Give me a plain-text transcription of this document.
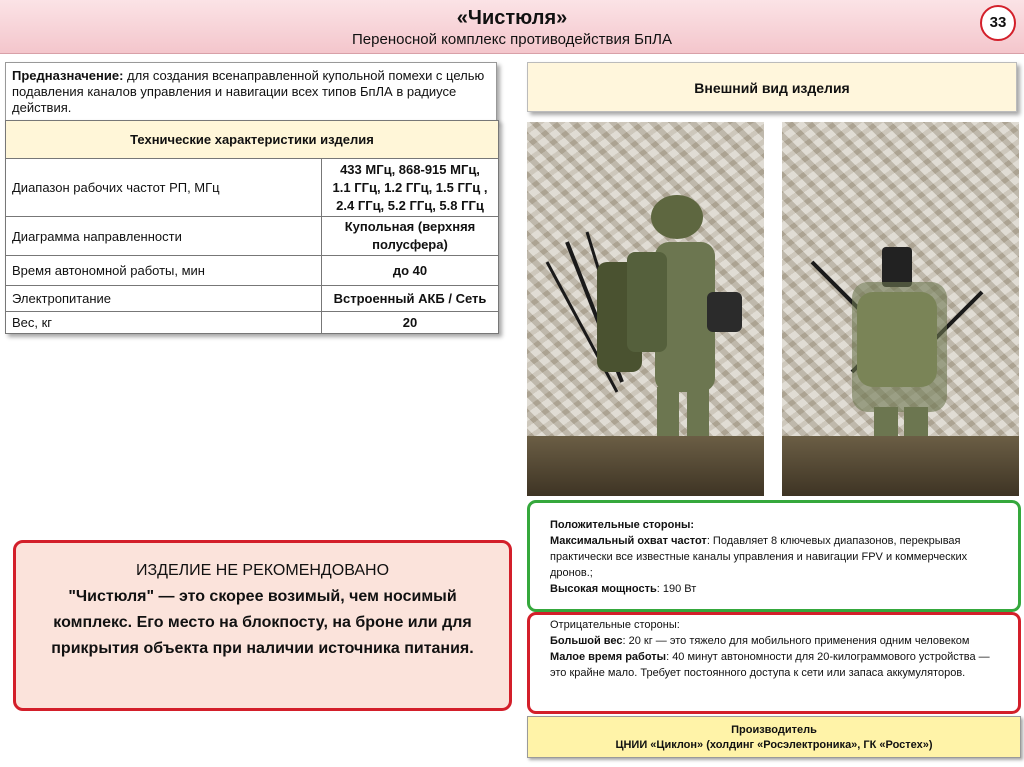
«Чистюля»
Переносной комплекс противодействия БпЛА
33
Предназначение: для создания всенаправленной купольной помехи с целью подавления каналов управления и навигации всех типов БпЛА в радиусе действия.
Технические характеристики изделия	
Диапазон рабочих частот РП, МГц	433 МГц, 868-915 МГц,
1.1 ГГц, 1.2 ГГц, 1.5 ГГц ,
2.4 ГГц, 5.2 ГГц, 5.8 ГГц

Диаграмма направленности	Купольная (верхняя
полусфера)

Время автономной работы, мин	до 40
Электропитание	Встроенный АКБ / Сеть
Вес, кг	20
Внешний вид изделия
Положительные стороны:
Максимальный охват частот: Подавляет 8 ключевых диапазонов, перекрывая практически все известные каналы управления и навигации FPV и коммерческих дронов.;
Высокая мощность: 190 Вт
Отрицательные стороны:
Большой вес: 20 кг — это тяжело для мобильного применения одним человеком
Малое время работы: 40 минут автономности для 20-килограммового устройства — это крайне мало. Требует постоянного доступа к сети или запаса аккумуляторов.
Производитель
ЦНИИ «Циклон» (холдинг «Росэлектроника», ГК «Ростех»)
ИЗДЕЛИЕ НЕ РЕКОМЕНДОВАНО
"Чистюля" — это скорее возимый, чем носимый комплекс. Его место на блокпосту, на броне или для прикрытия объекта при наличии источника питания.
